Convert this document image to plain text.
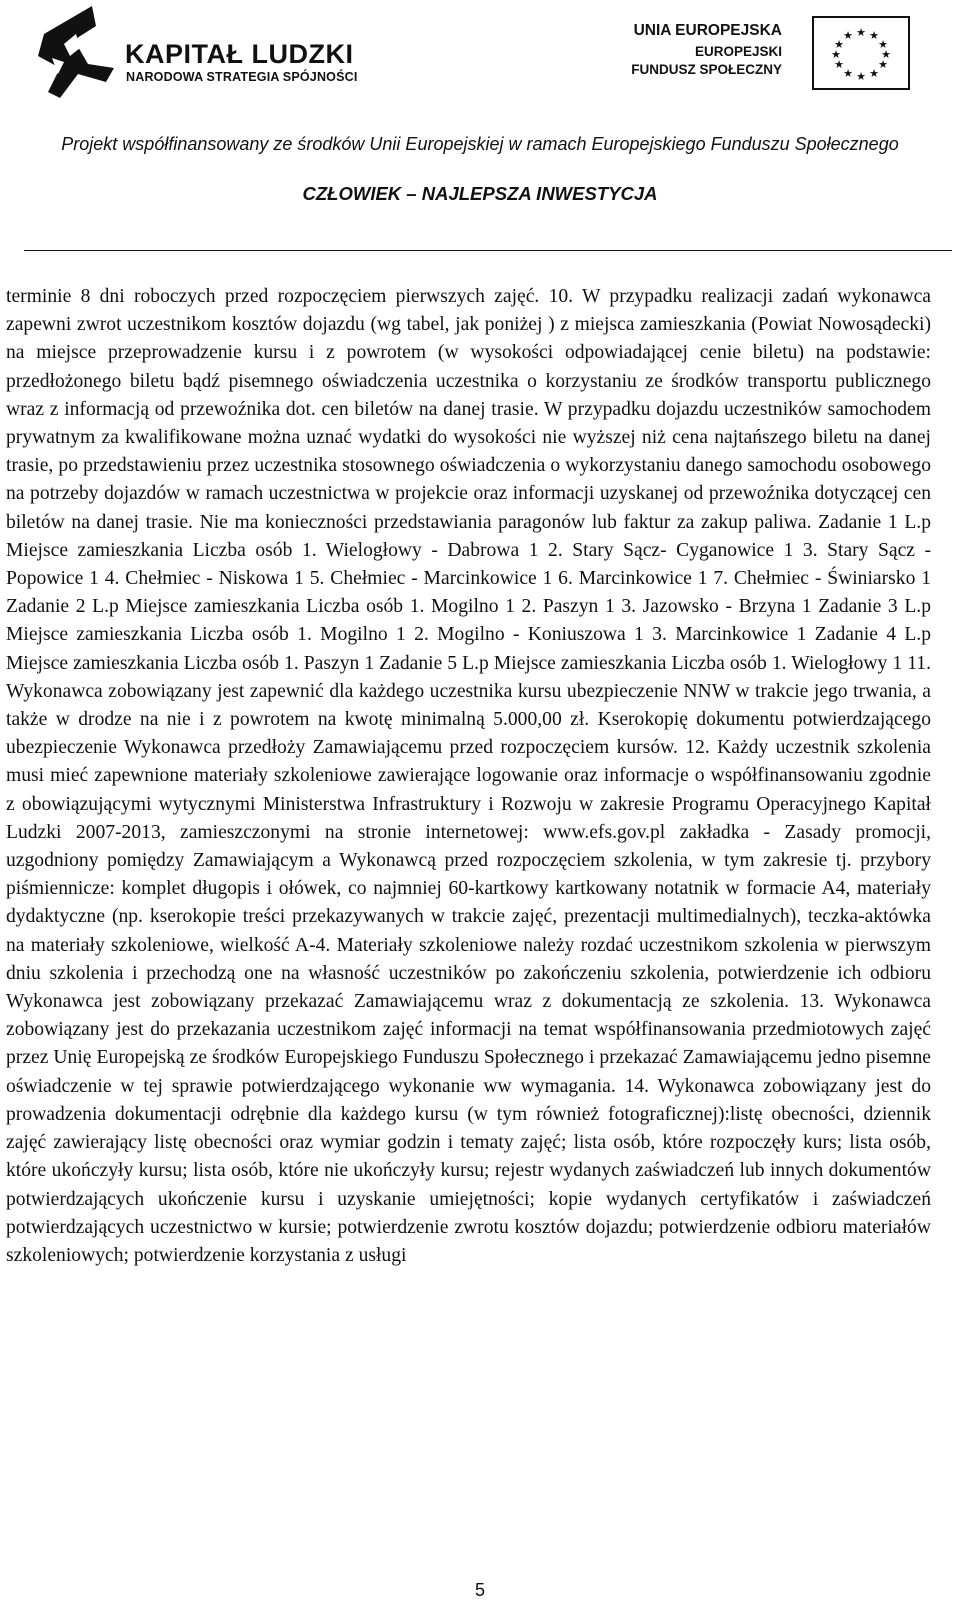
KAPITAŁ LUDZKI
NARODOWA STRATEGIA SPÓJNOŚCI
UNIA EUROPEJSKA
EUROPEJSKI
FUNDUSZ SPOŁECZNY
★ ★
★
★
★
★
★
★
★
★
★
★
Projekt współfinansowany ze środków Unii Europejskiej w ramach Europejskiego Funduszu Społecznego
CZŁOWIEK – NAJLEPSZA INWESTYCJA
terminie 8 dni roboczych przed rozpoczęciem pierwszych zajęć. 10. W przypadku realizacji zadań wykonawca zapewni zwrot uczestnikom kosztów dojazdu (wg tabel, jak poniżej ) z miejsca zamieszkania (Powiat Nowosądecki) na miejsce przeprowadzenie kursu i z powrotem (w wysokości odpowiadającej cenie biletu) na podstawie: przedłożonego biletu bądź pisemnego oświadczenia uczestnika o korzystaniu ze środków transportu publicznego wraz z informacją od przewoźnika dot. cen biletów na danej trasie. W przypadku dojazdu uczestników samochodem prywatnym za kwalifikowane można uznać wydatki do wysokości nie wyższej niż cena najtańszego biletu na danej trasie, po przedstawieniu przez uczestnika stosownego oświadczenia o wykorzystaniu danego samochodu osobowego na potrzeby dojazdów w ramach uczestnictwa w projekcie oraz informacji uzyskanej od przewoźnika dotyczącej cen biletów na danej trasie. Nie ma konieczności przedstawiania paragonów lub faktur za zakup paliwa. Zadanie 1 L.p Miejsce zamieszkania Liczba osób 1. Wielogłowy - Dabrowa 1 2. Stary Sącz- Cyganowice 1 3. Stary Sącz - Popowice 1 4. Chełmiec - Niskowa 1 5. Chełmiec - Marcinkowice 1 6. Marcinkowice 1 7. Chełmiec - Świniarsko 1 Zadanie 2 L.p Miejsce zamieszkania Liczba osób 1. Mogilno 1 2. Paszyn 1 3. Jazowsko - Brzyna 1 Zadanie 3 L.p Miejsce zamieszkania Liczba osób 1. Mogilno 1 2. Mogilno - Koniuszowa 1 3. Marcinkowice 1 Zadanie 4 L.p Miejsce zamieszkania Liczba osób 1. Paszyn 1 Zadanie 5 L.p Miejsce zamieszkania Liczba osób 1. Wielogłowy 1 11. Wykonawca zobowiązany jest zapewnić dla każdego uczestnika kursu ubezpieczenie NNW w trakcie jego trwania, a także w drodze na nie i z powrotem na kwotę minimalną 5.000,00 zł. Kserokopię dokumentu potwierdzającego ubezpieczenie Wykonawca przedłoży Zamawiającemu przed rozpoczęciem kursów. 12. Każdy uczestnik szkolenia musi mieć zapewnione materiały szkoleniowe zawierające logowanie oraz informacje o współfinansowaniu zgodnie z obowiązującymi wytycznymi Ministerstwa Infrastruktury i Rozwoju w zakresie Programu Operacyjnego Kapitał Ludzki 2007-2013, zamieszczonymi na stronie internetowej: www.efs.gov.pl zakładka - Zasady promocji, uzgodniony pomiędzy Zamawiającym a Wykonawcą przed rozpoczęciem szkolenia, w tym zakresie tj. przybory piśmiennicze: komplet długopis i ołówek, co najmniej 60-kartkowy kartkowany notatnik w formacie A4, materiały dydaktyczne (np. kserokopie treści przekazywanych w trakcie zajęć, prezentacji multimedialnych), teczka-aktówka na materiały szkoleniowe, wielkość A-4. Materiały szkoleniowe należy rozdać uczestnikom szkolenia w pierwszym dniu szkolenia i przechodzą one na własność uczestników po zakończeniu szkolenia, potwierdzenie ich odbioru Wykonawca jest zobowiązany przekazać Zamawiającemu wraz z dokumentacją ze szkolenia. 13. Wykonawca zobowiązany jest do przekazania uczestnikom zajęć informacji na temat współfinansowania przedmiotowych zajęć przez Unię Europejską ze środków Europejskiego Funduszu Społecznego i przekazać Zamawiającemu jedno pisemne oświadczenie w tej sprawie potwierdzającego wykonanie ww wymagania. 14. Wykonawca zobowiązany jest do prowadzenia dokumentacji odrębnie dla każdego kursu (w tym również fotograficznej):listę obecności, dziennik zajęć zawierający listę obecności oraz wymiar godzin i tematy zajęć; lista osób, które rozpoczęły kurs; lista osób, które ukończyły kursu; lista osób, które nie ukończyły kursu; rejestr wydanych zaświadczeń lub innych dokumentów potwierdzających ukończenie kursu i uzyskanie umiejętności; kopie wydanych certyfikatów i zaświadczeń potwierdzających uczestnictwo w kursie; potwierdzenie zwrotu kosztów dojazdu; potwierdzenie odbioru materiałów szkoleniowych; potwierdzenie korzystania z usługi
5
